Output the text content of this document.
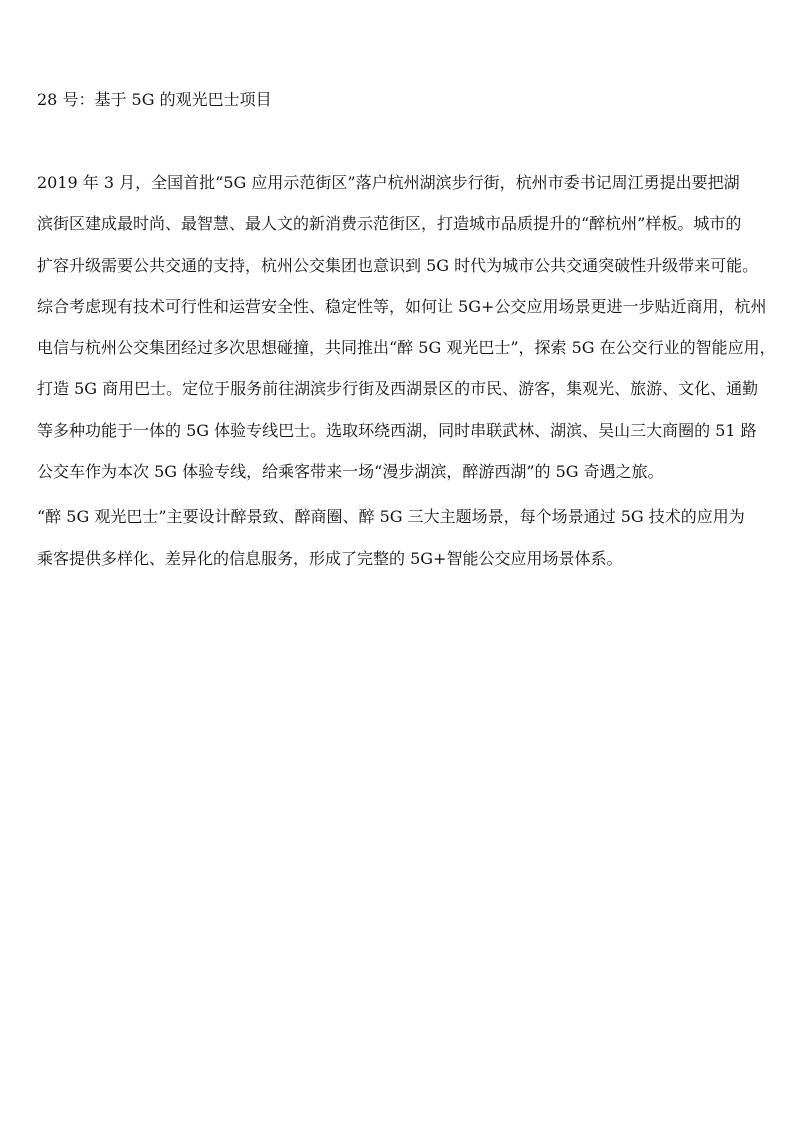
28 号：基于 5G 的观光巴士项目
2019 年 3 月，全国首批“5G 应用示范街区”落户杭州湖滨步行街，杭州市委书记周江勇提出要把湖
滨街区建成最时尚、最智慧、最人文的新消费示范街区，打造城市品质提升的“醉杭州”样板。城市的
扩容升级需要公共交通的支持，杭州公交集团也意识到 5G 时代为城市公共交通突破性升级带来可能。
综合考虑现有技术可行性和运营安全性、稳定性等，如何让 5G+公交应用场景更进一步贴近商用，杭州
电信与杭州公交集团经过多次思想碰撞，共同推出“醉 5G 观光巴士”，探索 5G 在公交行业的智能应用，
打造 5G 商用巴士。定位于服务前往湖滨步行街及西湖景区的市民、游客，集观光、旅游、文化、通勤
等多种功能于一体的 5G 体验专线巴士。选取环绕西湖，同时串联武林、湖滨、吴山三大商圈的 51 路
公交车作为本次 5G 体验专线，给乘客带来一场“漫步湖滨，醉游西湖”的 5G 奇遇之旅。
“醉 5G 观光巴士”主要设计醉景致、醉商圈、醉 5G 三大主题场景，每个场景通过 5G 技术的应用为
乘客提供多样化、差异化的信息服务，形成了完整的 5G+智能公交应用场景体系。
